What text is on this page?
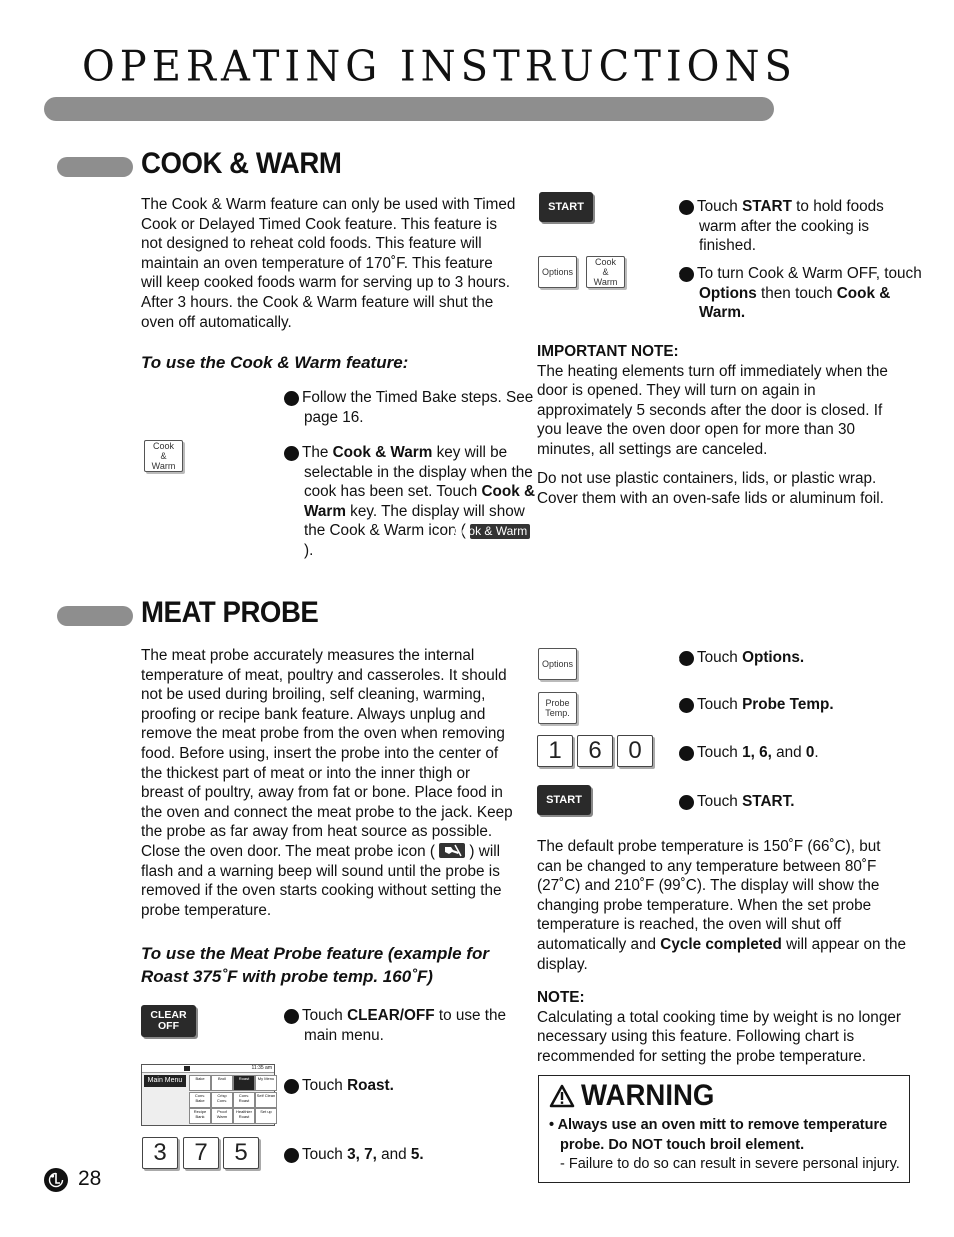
OPERATING INSTRUCTIONS
COOK & WARM
The Cook & Warm feature can only be used with Timed Cook or Delayed Timed Cook feature. This feature is not designed to reheat cold foods. This feature will maintain an oven temperature of 170˚F. This feature will keep cooked foods warm for serving up to 3 hours. After 3 hours. the Cook & Warm feature will shut the oven off automatically.
To use the Cook & Warm feature:
Cook
&
Warm
1 Follow the Timed Bake steps. See page 16.
2 The Cook & Warm key will be selectable in the display when the cook has been set. Touch Cook & Warm key. The display will show the Cook & Warm icon ( Cook & Warm ).
START
Options
Cook
&
Warm
3 Touch START to hold foods warm after the cooking is finished.
4 To turn Cook & Warm OFF, touch Options then touch Cook & Warm.
IMPORTANT NOTE:
The heating elements turn off immediately when the door is opened. They will turn on again in approximately 5 seconds after the door is closed. If you leave the oven door open for more than 30 minutes, all settings are canceled.
Do not use plastic containers, lids, or plastic wrap. Cover them with an oven-safe lids or aluminum foil.
MEAT PROBE
The meat probe accurately measures the internal temperature of meat, poultry and casseroles. It should not be used during broiling, self cleaning, warming, proofing or recipe bank feature. Always unplug and remove the meat probe from the oven when removing food. Before using, insert the probe into the center of the thickest part of meat or into the inner thigh or breast of poultry, away from fat or bone. Place food in the oven and connect the meat probe to the jack. Keep the probe as far away from heat source as possible. Close the oven door. The meat probe icon (  ) will flash and a warning beep will sound until the probe is removed if the oven starts cooking without setting the probe temperature.
To use the Meat Probe feature (example for Roast 375˚F with probe temp. 160˚F)
CLEAR
OFF
1 Touch CLEAR/OFF to use the main menu.
11:35 am
Main Menu	Bake	Broil	Roast	My Menu
Conv. Bake
Crisp Conv.
Conv. Roast
Self Clean
Recipe Bank
Proof Warm
Healthier Roast
Set up
2 Touch Roast.
3	7	5	3 Touch 3, 7, and 5.
Options
Probe
Temp.
1	6	0
START
4 Touch Options.
5 Touch Probe Temp.
6 Touch 1, 6, and 0.
7 Touch START.
The default probe temperature is 150˚F (66˚C), but can be changed to any temperature between 80˚F (27˚C) and 210˚F (99˚C). The display will show the changing probe temperature. When the set probe temperature is reached, the oven will shut off automatically and Cycle completed will appear on the display.
NOTE:
Calculating a total cooking time by weight is no longer necessary using this feature. Following chart is recommended for setting the probe temperature.
WARNING
• Always use an oven mitt to remove temperature probe. Do NOT touch broil element.
- Failure to do so can result in severe personal injury.
28
